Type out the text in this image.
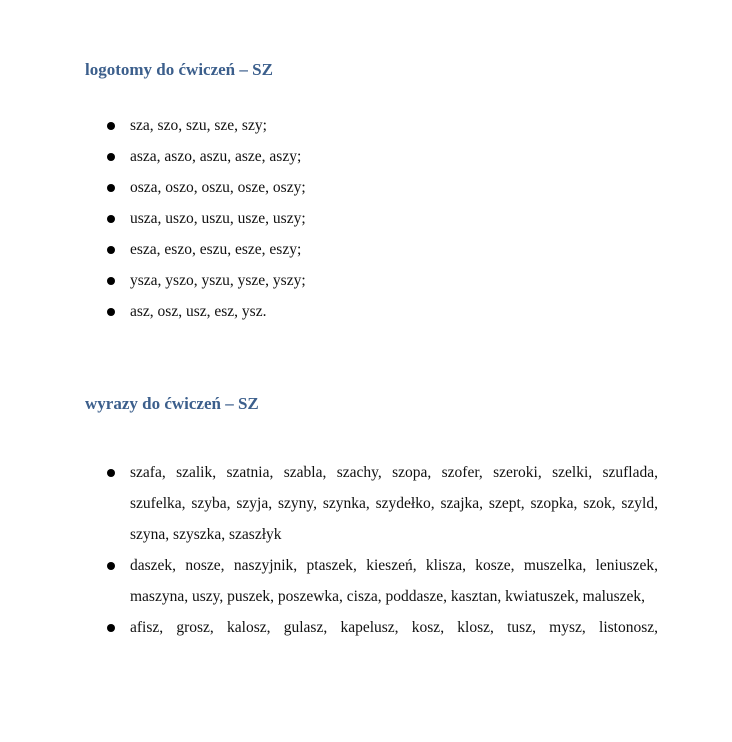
logotomy do ćwiczeń – SZ
sza, szo, szu, sze, szy;
asza, aszo, aszu, asze, aszy;
osza, oszo, oszu, osze, oszy;
usza, uszo, uszu, usze, uszy;
esza, eszo, eszu, esze, eszy;
ysza, yszo, yszu, ysze, yszy;
asz, osz, usz, esz, ysz.
wyrazy do ćwiczeń – SZ
szafa, szalik, szatnia, szabla, szachy, szopa, szofer, szeroki, szelki, szuflada, szufelka, szyba, szyja, szyny, szynka, szydełko, szajka, szept, szopka, szok, szyld, szyna, szyszka, szaszłyk
daszek, nosze, naszyjnik, ptaszek, kieszeń, klisza, kosze, muszelka, leniuszek, maszyna, uszy, puszek, poszewka, cisza, poddasze, kasztan, kwiatuszek, maluszek,
afisz, grosz, kalosz, gulasz, kapelusz, kosz, klosz, tusz, mysz, listonosz,
